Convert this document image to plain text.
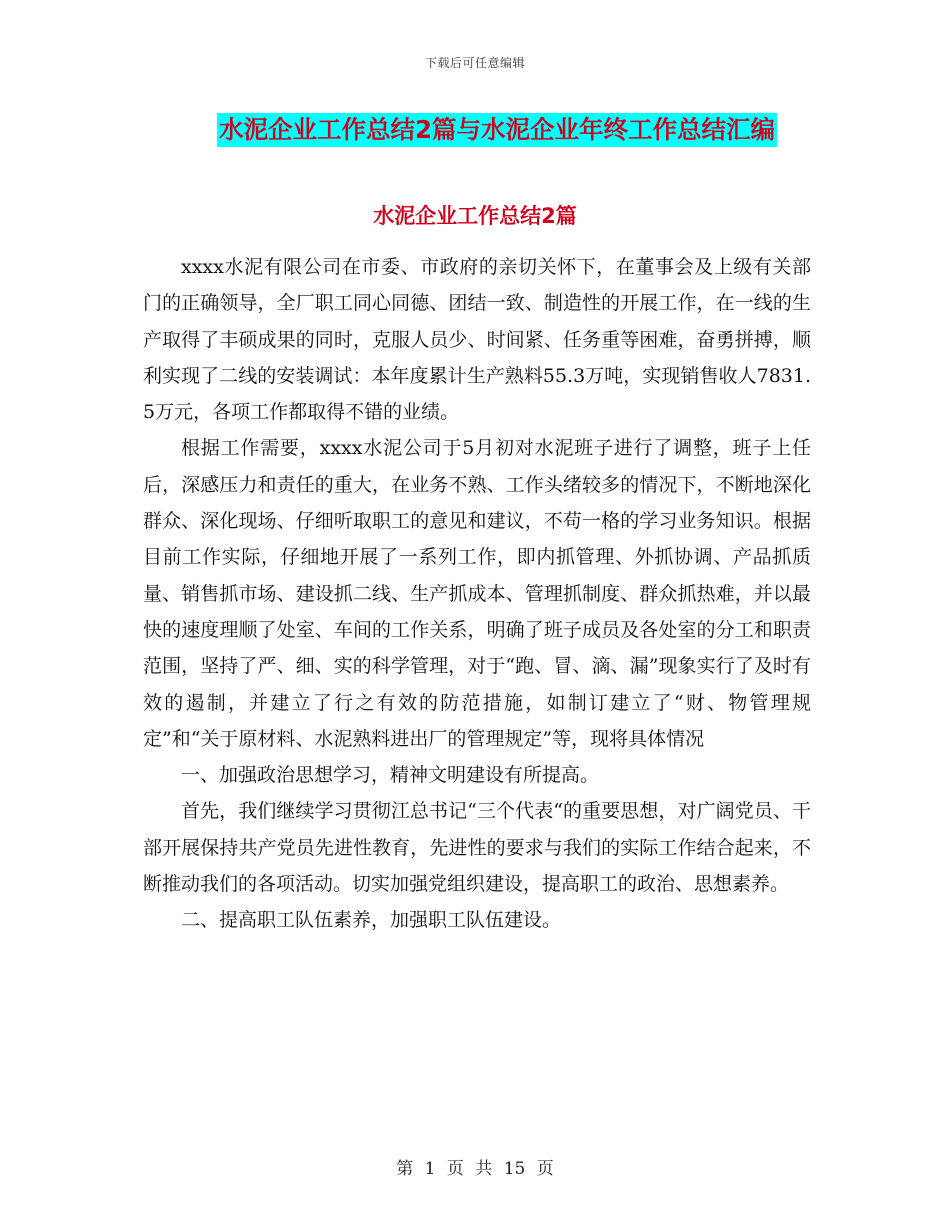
下载后可任意编辑
水泥企业工作总结2篇与水泥企业年终工作总结汇编
水泥企业工作总结2篇

xxxx水泥有限公司在市委、市政府的亲切关怀下，在董事会及上级有关部门的正确领导，全厂职工同心同德、团结一致、制造性的开展工作，在一线的生产取得了丰硕成果的同时，克服人员少、时间紧、任务重等困难，奋勇拼搏，顺利实现了二线的安装调试：本年度累计生产熟料55.3万吨，实现销售收人7831.5万元，各项工作都取得不错的业绩。

根据工作需要，xxxx水泥公司于5月初对水泥班子进行了调整，班子上任后，深感压力和责任的重大，在业务不熟、工作头绪较多的情况下，不断地深化群众、深化现场、仔细听取职工的意见和建议，不苟一格的学习业务知识。根据目前工作实际，仔细地开展了一系列工作，即内抓管理、外抓协调、产品抓质量、销售抓市场、建设抓二线、生产抓成本、管理抓制度、群众抓热难，并以最快的速度理顺了处室、车间的工作关系，明确了班子成员及各处室的分工和职责范围，坚持了严、细、实的科学管理，对于“跑、冒、滴、漏”现象实行了及时有效的遏制，并建立了行之有效的防范措施，如制订建立了“财、物管理规定”和“关于原材料、水泥熟料进出厂的管理规定”等，现将具体情况

一、加强政治思想学习，精神文明建设有所提高。

首先，我们继续学习贯彻江总书记“三个代表“的重要思想，对广阔党员、干部开展保持共产党员先进性教育，先进性的要求与我们的实际工作结合起来，不断推动我们的各项活动。切实加强党组织建设，提高职工的政治、思想素养。

二、提高职工队伍素养，加强职工队伍建设。

第 1 页 共 15 页
